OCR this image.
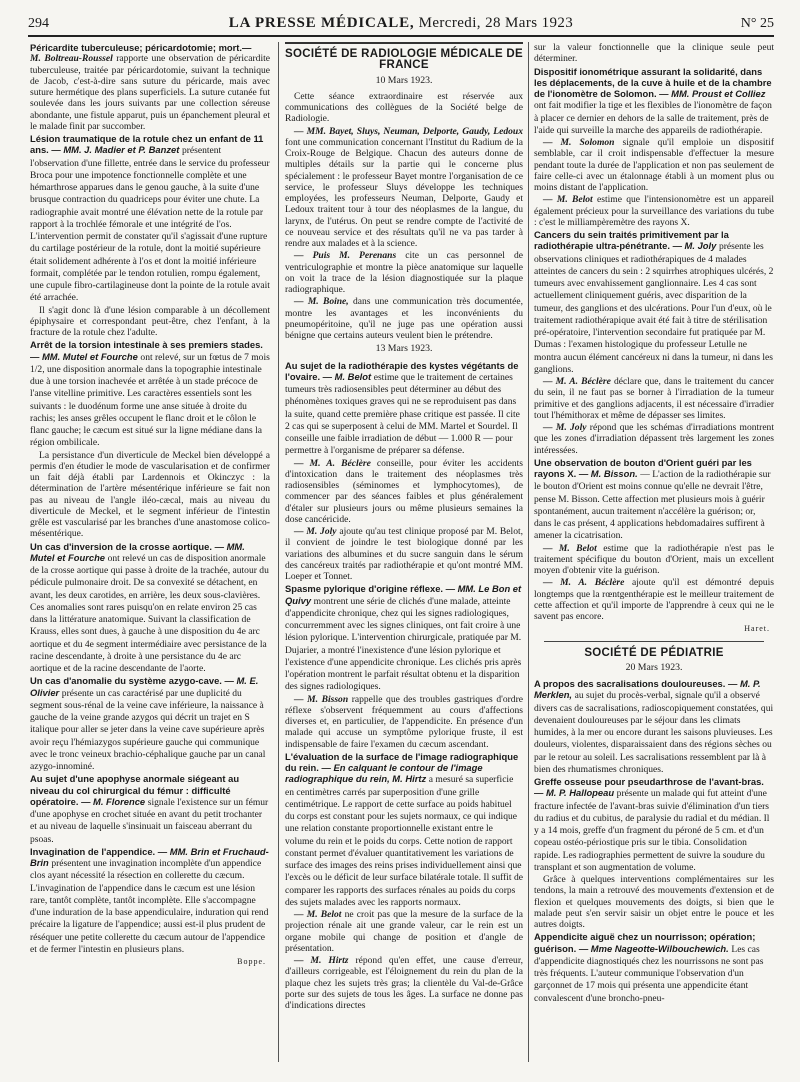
294	LA PRESSE MÉDICALE, Mercredi, 28 Mars 1923	N° 25
Péricardite tuberculeuse; péricardotomie; mort.—

M. Boltreau-Roussel rapporte une observation de péricardite tuberculeuse, traitée par péricardotomie, suivant la technique de Jacob, c'est-à-dire sans suture du péricarde, mais avec suture hermétique des plans superficiels. La suture cutanée fut soulevée dans les jours suivants par une collection séreuse abondante, une fistule apparut, puis un épanchement pleural et le malade finit par succomber.

Lésion traumatique de la rotule chez un enfant de 11 ans. — MM. J. Madier et P. Banzet présentent l'observation d'une fillette, entrée dans le service du professeur Broca pour une impotence fonctionnelle complète et une hémarthrose apparues dans le genou gauche, à la suite d'une brusque contraction du quadriceps pour éviter une chute. La radiographie avait montré une élévation nette de la rotule par rapport à la trochlée fémorale et une intégrité de l'os. L'intervention permit de constater qu'il s'agissait d'une rupture du cartilage postérieur de la rotule, dont la moitié supérieure était solidement adhérente à l'os et dont la moitié inférieure formait, complétée par le tendon rotulien, rompu également, une cupule fibro-cartilagineuse dont la pointe de la rotule avait été arrachée.

Il s'agit donc là d'une lésion comparable à un décollement épiphysaire et correspondant peut-être, chez l'enfant, à la fracture de la rotule chez l'adulte.

Arrêt de la torsion intestinale à ses premiers stades. — MM. Mutel et Fourche ont relevé, sur un fœtus de 7 mois 1/2, une disposition anormale dans la topographie intestinale due à une torsion inachevée et arrêtée à un stade précoce de l'anse vitelline primitive. Les caractères essentiels sont les suivants : le duodénum forme une anse située à droite du rachis; les anses grêles occupent le flanc droit et le côlon le flanc gauche; le cæcum est situé sur la ligne médiane dans la région ombilicale.

La persistance d'un diverticule de Meckel bien développé a permis d'en étudier le mode de vascularisation et de confirmer un fait déjà établi par Lardennois et Okinczyc : la détermination de l'artère mésentérique inférieure se fait non pas au niveau de l'angle iléo-cæcal, mais au niveau du diverticule de Meckel, et le segment inférieur de l'intestin grêle est vascularisé par les branches d'une anastomose colico-mésentérique.

Un cas d'inversion de la crosse aortique. — MM. Mutel et Fourche ont relevé un cas de disposition anormale de la crosse aortique qui passe à droite de la trachée, autour du pédicule pulmonaire droit. De sa convexité se détachent, en avant, les deux carotides, en arrière, les deux sous-clavières. Ces anomalies sont rares puisqu'on en relate environ 25 cas dans la littérature anatomique. Suivant la classification de Krauss, elles sont dues, à gauche à une disposition du 4e arc aortique et du 4e segment intermédiaire avec persistance de la racine descendante, à droite à une persistance du 4e arc aortique et de la racine descendante de l'aorte.

Un cas d'anomalie du système azygo-cave. — M. E. Olivier présente un cas caractérisé par une duplicité du segment sous-rénal de la veine cave inférieure, la naissance à gauche de la veine grande azygos qui décrit un trajet en S italique pour aller se jeter dans la veine cave supérieure après avoir reçu l'hémiazygos supérieure gauche qui communique avec le tronc veineux brachio-céphalique gauche par un canal azygo-innominé.

Au sujet d'une apophyse anormale siégeant au niveau du col chirurgical du fémur : difficulté opératoire. — M. Florence signale l'existence sur un fémur d'une apophyse en crochet située en avant du petit trochanter et au niveau de laquelle s'insinuait un faisceau aberrant du psoas.

Invagination de l'appendice. — MM. Brin et Fruchaud-Brin présentent une invagination incomplète d'un appendice clos ayant nécessité la résection en collerette du cæcum. L'invagination de l'appendice dans le cæcum est une lésion rare, tantôt complète, tantôt incomplète. Elle s'accompagne d'une induration de la base appendiculaire, induration qui rend précaire la ligature de l'appendice; aussi est-il plus prudent de réséquer une petite collerette du cæcum autour de l'appendice et de fermer l'intestin en plusieurs plans.

Boppe.
SOCIÉTÉ DE RADIOLOGIE MÉDICALE DE FRANCE
10 Mars 1923.

Cette séance extraordinaire est réservée aux communications des collègues de la Société belge de Radiologie.

— MM. Bayet, Sluys, Neuman, Delporte, Gaudy, Ledoux font une communication concernant l'Institut du Radium de la Croix-Rouge de Belgique. Chacun des auteurs donne de multiples détails sur la partie qui le concerne plus spécialement : le professeur Bayet montre l'organisation de ce service, le professeur Sluys développe les techniques employées, les professeurs Neuman, Delporte, Gaudy et Ledoux traitent tour à tour des néoplasmes de la langue, du larynx, de l'utérus. On peut se rendre compte de l'activité de ce nouveau service et des résultats qu'il ne va pas tarder à rendre aux malades et à la science.

— Puis M. Perenans cite un cas personnel de ventriculographie et montre la pièce anatomique sur laquelle on voit la trace de la lésion diagnostiquée sur la plaque radiographique.

— M. Boine, dans une communication très documentée, montre les avantages et les inconvénients du pneumopéritoine, qu'il ne juge pas une opération aussi bénigne que certains auteurs veulent bien le prétendre.

13 Mars 1923.

Au sujet de la radiothérapie des kystes végétants de l'ovaire. — M. Belot estime que le traitement de certaines tumeurs très radiosensibles peut déterminer au début des phénomènes toxiques graves qui ne se reproduisent pas dans la suite, quand cette première phase critique est passée. Il cite 2 cas qui se superposent à celui de MM. Martel et Sourdel. Il conseille une faible irradiation de début — 1.000 R — pour permettre à l'organisme de préparer sa défense.

— M. A. Béclère conseille, pour éviter les accidents d'intoxication dans le traitement des néoplasmes très radiosensibles (séminomes et lymphocytomes), de commencer par des séances faibles et plus généralement d'étaler sur plusieurs jours ou même plusieurs semaines la dose cancéricide.

— M. Joly ajoute qu'au test clinique proposé par M. Belot, il convient de joindre le test biologique donné par les variations des albumines et du sucre sanguin dans le sérum des cancéreux traités par radiothérapie et qu'ont montré MM. Loeper et Tonnet.

Spasme pylorique d'origine réflexe. — MM. Le Bon et Quivy montrent une série de clichés d'une malade, atteinte d'appendicite chronique, chez qui les signes radiologiques, concurremment avec les signes cliniques, ont fait croire à une lésion pylorique. L'intervention chirurgicale, pratiquée par M. Dujarier, a montré l'inexistence d'une lésion pylorique et l'existence d'une appendicite chronique. Les clichés pris après l'opération montrent le parfait résultat obtenu et la disparition des signes radiologiques.

— M. Bisson rappelle que des troubles gastriques d'ordre réflexe s'observent fréquemment au cours d'affections diverses et, en particulier, de l'appendicite. En présence d'un malade qui accuse un symptôme pylorique fruste, il est indispensable de faire l'examen du cæcum ascendant.

L'évaluation de la surface de l'image radiographique du rein. — En calquant le contour de l'image radiographique du rein, M. Hirtz a mesuré sa superficie en centimètres carrés par superposition d'une grille centimétrique. Le rapport de cette surface au poids habituel du corps est constant pour les sujets normaux, ce qui indique une relation constante proportionnelle existant entre le volume du rein et le poids du corps. Cette notion de rapport constant permet d'évaluer quantitativement les variations de surface des images des reins prises individuellement ainsi que l'excès ou le déficit de leur surface bilatérale totale. Il suffit de comparer les rapports des surfaces rénales au poids du corps des sujets malades avec les rapports normaux.

— M. Belot ne croit pas que la mesure de la surface de la projection rénale ait une grande valeur, car le rein est un organe mobile qui change de position et d'angle de présentation.

— M. Hirtz répond qu'en effet, une cause d'erreur, d'ailleurs corrigeable, est l'éloignement du rein du plan de la plaque chez les sujets très gras; la clientèle du Val-de-Grâce porte sur des sujets de tous les âges. La surface ne donne pas d'indications directes

sur la valeur fonctionnelle que la clinique seule peut déterminer.

Dispositif ionométrique assurant la solidarité, dans les déplacements, de la cuve à huile et de la chambre de l'ionomètre de Solomon. — MM. Proust et Colliez ont fait modifier la tige et les flexibles de l'ionomètre de façon à placer ce dernier en dehors de la salle de traitement, près de l'aide qui surveille la marche des appareils de radiothérapie.

— M. Solomon signale qu'il emploie un dispositif semblable, car il croit indispensable d'effectuer la mesure pendant toute la durée de l'application et non pas seulement de faire celle-ci avec un étalonnage établi à un moment plus ou moins distant de l'application.

— M. Belot estime que l'intensionomètre est un appareil également précieux pour la surveillance des variations du tube : c'est le milliampèremètre des rayons X.

Cancers du sein traités primitivement par la radiothérapie ultra-pénétrante. — M. Joly présente les observations cliniques et radiothérapiques de 4 malades atteintes de cancers du sein : 2 squirrhes atrophiques ulcérés, 2 tumeurs avec envahissement ganglionnaire. Les 4 cas sont actuellement cliniquement guéris, avec disparition de la tumeur, des ganglions et des ulcérations. Pour l'un d'eux, où le traitement radiothérapique avait été fait à titre de stérilisation pré-opératoire, l'intervention secondaire fut pratiquée par M. Dumas : l'examen histologique du professeur Letulle ne montra aucun élément cancéreux ni dans la tumeur, ni dans les ganglions.

— M. A. Béclère déclare que, dans le traitement du cancer du sein, il ne faut pas se borner à l'irradiation de la tumeur primitive et des ganglions adjacents, il est nécessaire d'irradier tout l'hémithorax et même de dépasser ses limites.

— M. Joly répond que les schémas d'irradiations montrent que les zones d'irradiation dépassent très largement les zones intéressées.

Une observation de bouton d'Orient guéri par les rayons X. — M. Bisson. — L'action de la radiothérapie sur le bouton d'Orient est moins connue qu'elle ne devrait l'être, pense M. Bisson. Cette affection met plusieurs mois à guérir spontanément, aucun traitement n'accélère la guérison; or, dans le cas présent, 4 applications hebdomadaires suffirent à amener la cicatrisation.

— M. Belot estime que la radiothérapie n'est pas le traitement spécifique du bouton d'Orient, mais un excellent moyen d'obtenir vite la guérison.

— M. A. Béclère ajoute qu'il est démontré depuis longtemps que la rœntgenthérapie est le meilleur traitement de cette affection et qu'il importe de l'apprendre à ceux qui ne le savent pas encore.

Haret.
SOCIÉTÉ DE PÉDIATRIE
20 Mars 1923.

A propos des sacralisations douloureuses. — M. P. Merklen, au sujet du procès-verbal, signale qu'il a observé divers cas de sacralisations, radioscopiquement constatées, qui devenaient douloureuses par le séjour dans les climats humides, à la mer ou encore durant les saisons pluvieuses. Les douleurs, violentes, disparaissaient dans des régions sèches ou par le retour au soleil. Les sacralisations ressemblent par là à bien des rhumatismes chroniques.

Greffe osseuse pour pseudarthrose de l'avant-bras. — M. P. Hallopeau présente un malade qui fut atteint d'une fracture infectée de l'avant-bras suivie d'élimination d'un tiers du radius et du cubitus, de paralysie du radial et du médian. Il y a 14 mois, greffe d'un fragment du péroné de 5 cm. et d'un copeau ostéo-périostique pris sur le tibia. Consolidation rapide. Les radiographies permettent de suivre la soudure du transplant et son augmentation de volume.

Grâce à quelques interventions complémentaires sur les tendons, la main a retrouvé des mouvements d'extension et de flexion et quelques mouvements des doigts, si bien que le malade peut s'en servir saisir un objet entre le pouce et les autres doigts.

Appendicite aiguë chez un nourrisson; opération; guérison. — Mme Nageotte-Wilbouchewich. Les cas d'appendicite diagnostiqués chez les nourrissons ne sont pas très fréquents. L'auteur communique l'observation d'un garçonnet de 17 mois qui présenta une appendicite étant convalescent d'une broncho-pneu-
